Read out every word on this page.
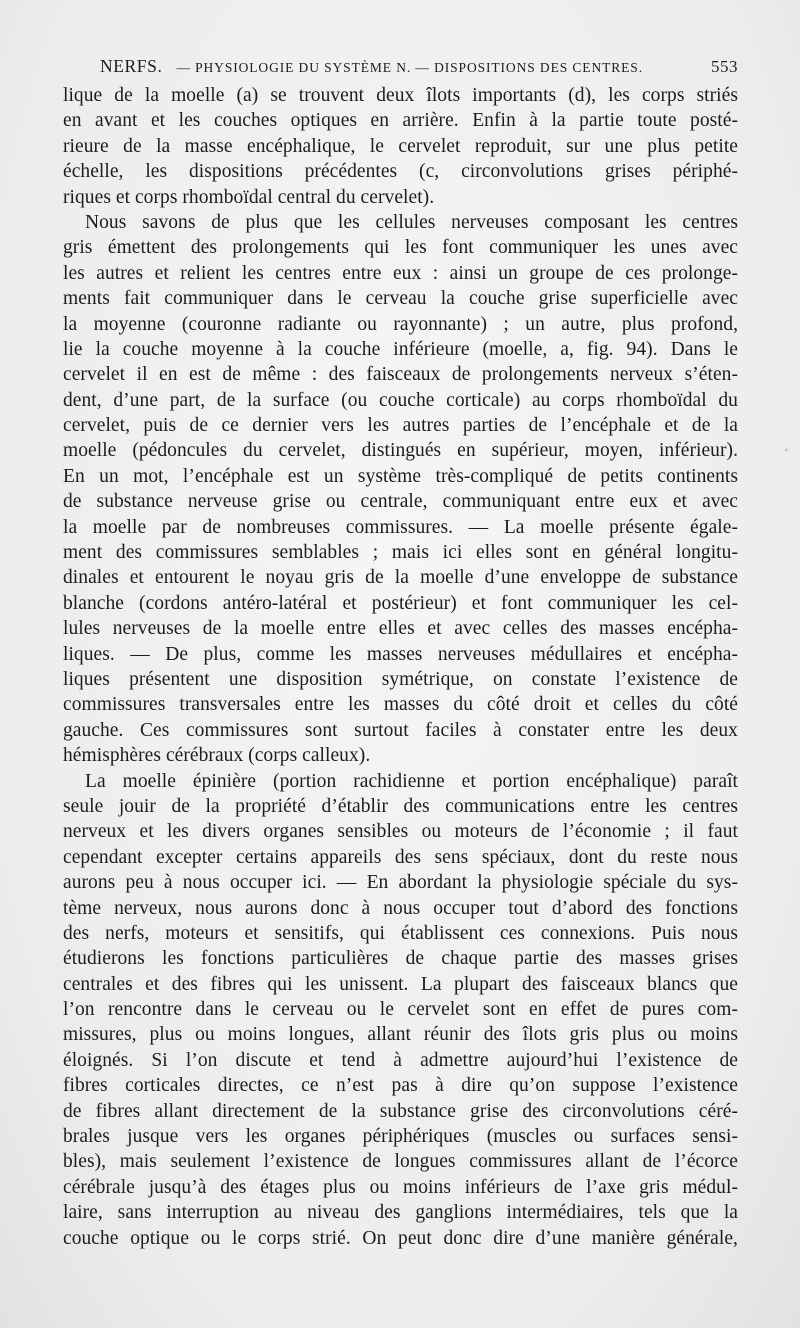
NERFS. — PHYSIOLOGIE DU SYSTÈME N. — DISPOSITIONS DES CENTRES.	553
lique de la moelle (a) se trouvent deux îlots importants (d), les corps striés
en avant et les couches optiques en arrière. Enfin à la partie toute posté-
rieure de la masse encéphalique, le cervelet reproduit, sur une plus petite
échelle, les dispositions précédentes (c, circonvolutions grises périphé-
riques et corps rhomboïdal central du cervelet).
Nous savons de plus que les cellules nerveuses composant les centres
gris émettent des prolongements qui les font communiquer les unes avec
les autres et relient les centres entre eux : ainsi un groupe de ces prolonge-
ments fait communiquer dans le cerveau la couche grise superficielle avec
la moyenne (couronne radiante ou rayonnante) ; un autre, plus profond,
lie la couche moyenne à la couche inférieure (moelle, a, fig. 94). Dans le
cervelet il en est de même : des faisceaux de prolongements nerveux s’éten-
dent, d’une part, de la surface (ou couche corticale) au corps rhomboïdal du
cervelet, puis de ce dernier vers les autres parties de l’encéphale et de la
moelle (pédoncules du cervelet, distingués en supérieur, moyen, inférieur).
En un mot, l’encéphale est un système très-compliqué de petits continents
de substance nerveuse grise ou centrale, communiquant entre eux et avec
la moelle par de nombreuses commissures. — La moelle présente égale-
ment des commissures semblables ; mais ici elles sont en général longitu-
dinales et entourent le noyau gris de la moelle d’une enveloppe de substance
blanche (cordons antéro-latéral et postérieur) et font communiquer les cel-
lules nerveuses de la moelle entre elles et avec celles des masses encépha-
liques. — De plus, comme les masses nerveuses médullaires et encépha-
liques présentent une disposition symétrique, on constate l’existence de
commissures transversales entre les masses du côté droit et celles du côté
gauche. Ces commissures sont surtout faciles à constater entre les deux
hémisphères cérébraux (corps calleux).
La moelle épinière (portion rachidienne et portion encéphalique) paraît
seule jouir de la propriété d’établir des communications entre les centres
nerveux et les divers organes sensibles ou moteurs de l’économie ; il faut
cependant excepter certains appareils des sens spéciaux, dont du reste nous
aurons peu à nous occuper ici. — En abordant la physiologie spéciale du sys-
tème nerveux, nous aurons donc à nous occuper tout d’abord des fonctions
des nerfs, moteurs et sensitifs, qui établissent ces connexions. Puis nous
étudierons les fonctions particulières de chaque partie des masses grises
centrales et des fibres qui les unissent. La plupart des faisceaux blancs que
l’on rencontre dans le cerveau ou le cervelet sont en effet de pures com-
missures, plus ou moins longues, allant réunir des îlots gris plus ou moins
éloignés. Si l’on discute et tend à admettre aujourd’hui l’existence de
fibres corticales directes, ce n’est pas à dire qu’on suppose l’existence
de fibres allant directement de la substance grise des circonvolutions céré-
brales jusque vers les organes périphériques (muscles ou surfaces sensi-
bles), mais seulement l’existence de longues commissures allant de l’écorce
cérébrale jusqu’à des étages plus ou moins inférieurs de l’axe gris médul-
laire, sans interruption au niveau des ganglions intermédiaires, tels que la
couche optique ou le corps strié. On peut donc dire d’une manière générale,
◦
